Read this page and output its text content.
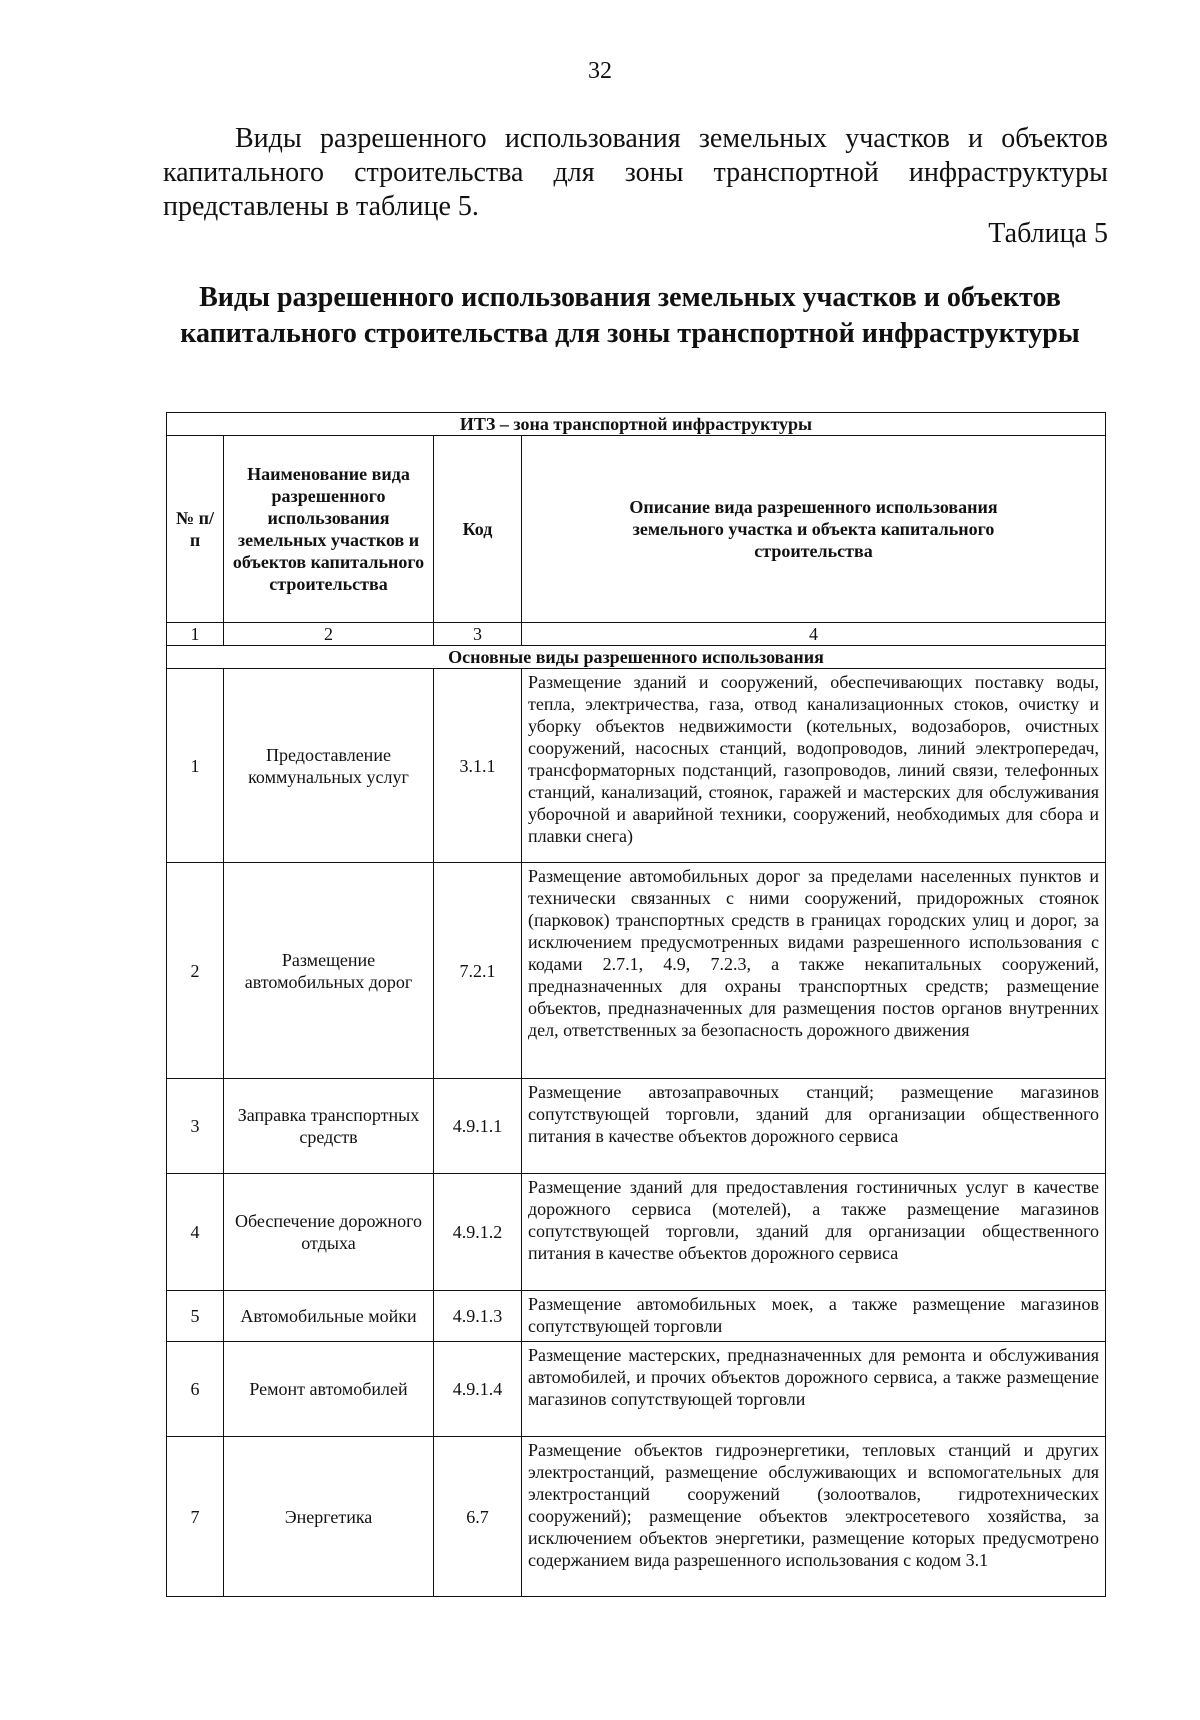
32
Виды разрешенного использования земельных участков и объектов капитального строительства для зоны транспортной инфраструктуры представлены в таблице 5.
Таблица 5
Виды разрешенного использования земельных участков и объектов капитального строительства для зоны транспортной инфраструктуры
ИТЗ – зона транспортной инфраструктуры			
№ п/п	Наименование вида разрешенного использования земельных участков и объектов капитального строительства	Код	Описание вида разрешенного использования земельного участка и объекта капитального строительства
1	2	3	4
Основные виды разрешенного использования			
1	Предоставление коммунальных услуг	3.1.1	Размещение зданий и сооружений, обеспечивающих поставку воды, тепла, электричества, газа, отвод канализационных стоков, очистку и уборку объектов недвижимости (котельных, водозаборов, очистных сооружений, насосных станций, водопроводов, линий электропередач, трансформаторных подстанций, газопроводов, линий связи, телефонных станций, канализаций, стоянок, гаражей и мастерских для обслуживания уборочной и аварийной техники, сооружений, необходимых для сбора и плавки снега)
2	Размещение автомобильных дорог	7.2.1	Размещение автомобильных дорог за пределами населенных пунктов и технически связанных с ними сооружений, придорожных стоянок (парковок) транспортных средств в границах городских улиц и дорог, за исключением предусмотренных видами разрешенного использования с кодами 2.7.1, 4.9, 7.2.3, а также некапитальных сооружений, предназначенных для охраны транспортных средств; размещение объектов, предназначенных для размещения постов органов внутренних дел, ответственных за безопасность дорожного движения
3	Заправка транспортных средств	4.9.1.1	Размещение автозаправочных станций; размещение магазинов сопутствующей торговли, зданий для организации общественного питания в качестве объектов дорожного сервиса
4	Обеспечение дорожного отдыха	4.9.1.2	Размещение зданий для предоставления гостиничных услуг в качестве дорожного сервиса (мотелей), а также размещение магазинов сопутствующей торговли, зданий для организации общественного питания в качестве объектов дорожного сервиса
5	Автомобильные мойки	4.9.1.3	Размещение автомобильных моек, а также размещение магазинов сопутствующей торговли
6	Ремонт автомобилей	4.9.1.4	Размещение мастерских, предназначенных для ремонта и обслуживания автомобилей, и прочих объектов дорожного сервиса, а также размещение магазинов сопутствующей торговли
7	Энергетика	6.7	Размещение объектов гидроэнергетики, тепловых станций и других электростанций, размещение обслуживающих и вспомогательных для электростанций сооружений (золоотвалов, гидротехнических сооружений); размещение объектов электросетевого хозяйства, за исключением объектов энергетики, размещение которых предусмотрено содержанием вида разрешенного использования с кодом 3.1
